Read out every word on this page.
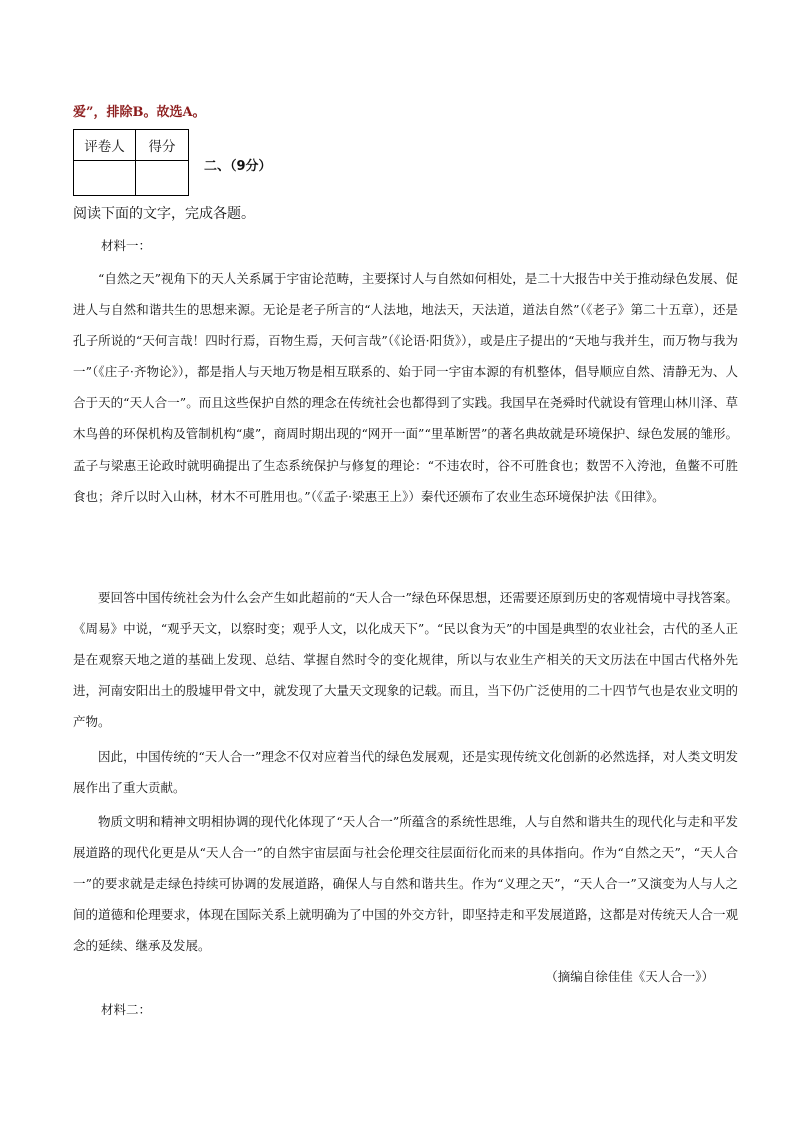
爱”，排除B。故选A。
评卷人	得分

二、（9分）
阅读下面的文字，完成各题。
材料一：

“自然之天”视角下的天人关系属于宇宙论范畴，主要探讨人与自然如何相处，是二十大报告中关于推动绿色发展、促进人与自然和谐共生的思想来源。无论是老子所言的“人法地，地法天，天法道，道法自然”（《老子》第二十五章），还是孔子所说的“天何言哉！四时行焉，百物生焉，天何言哉”（《论语·阳货》），或是庄子提出的“天地与我并生，而万物与我为一”（《庄子·齐物论》），都是指人与天地万物是相互联系的、始于同一宇宙本源的有机整体，倡导顺应自然、清静无为、人合于天的“天人合一”。而且这些保护自然的理念在传统社会也都得到了实践。我国早在尧舜时代就设有管理山林川泽、草木鸟兽的环保机构及管制机构“虞”，商周时期出现的“网开一面”“里革断罟”的著名典故就是环境保护、绿色发展的雏形。孟子与梁惠王论政时就明确提出了生态系统保护与修复的理论：“不违农时，谷不可胜食也；数罟不入洿池，鱼鳖不可胜食也；斧斤以时入山林，材木不可胜用也。”（《孟子·梁惠王上》）秦代还颁布了农业生态环境保护法《田律》。

要回答中国传统社会为什么会产生如此超前的“天人合一”绿色环保思想，还需要还原到历史的客观情境中寻找答案。《周易》中说，“观乎天文，以察时变；观乎人文，以化成天下”。“民以食为天”的中国是典型的农业社会，古代的圣人正是在观察天地之道的基础上发现、总结、掌握自然时令的变化规律，所以与农业生产相关的天文历法在中国古代格外先进，河南安阳出土的殷墟甲骨文中，就发现了大量天文现象的记载。而且，当下仍广泛使用的二十四节气也是农业文明的产物。

因此，中国传统的“天人合一”理念不仅对应着当代的绿色发展观，还是实现传统文化创新的必然选择，对人类文明发展作出了重大贡献。

物质文明和精神文明相协调的现代化体现了“天人合一”所蕴含的系统性思维，人与自然和谐共生的现代化与走和平发展道路的现代化更是从“天人合一”的自然宇宙层面与社会伦理交往层面衍化而来的具体指向。作为“自然之天”，“天人合一”的要求就是走绿色持续可协调的发展道路，确保人与自然和谐共生。作为“义理之天”，“天人合一”又演变为人与人之间的道德和伦理要求，体现在国际关系上就明确为了中国的外交方针，即坚持走和平发展道路，这都是对传统天人合一观念的延续、继承及发展。

（摘编自徐佳佳《天人合一》）
材料二：
